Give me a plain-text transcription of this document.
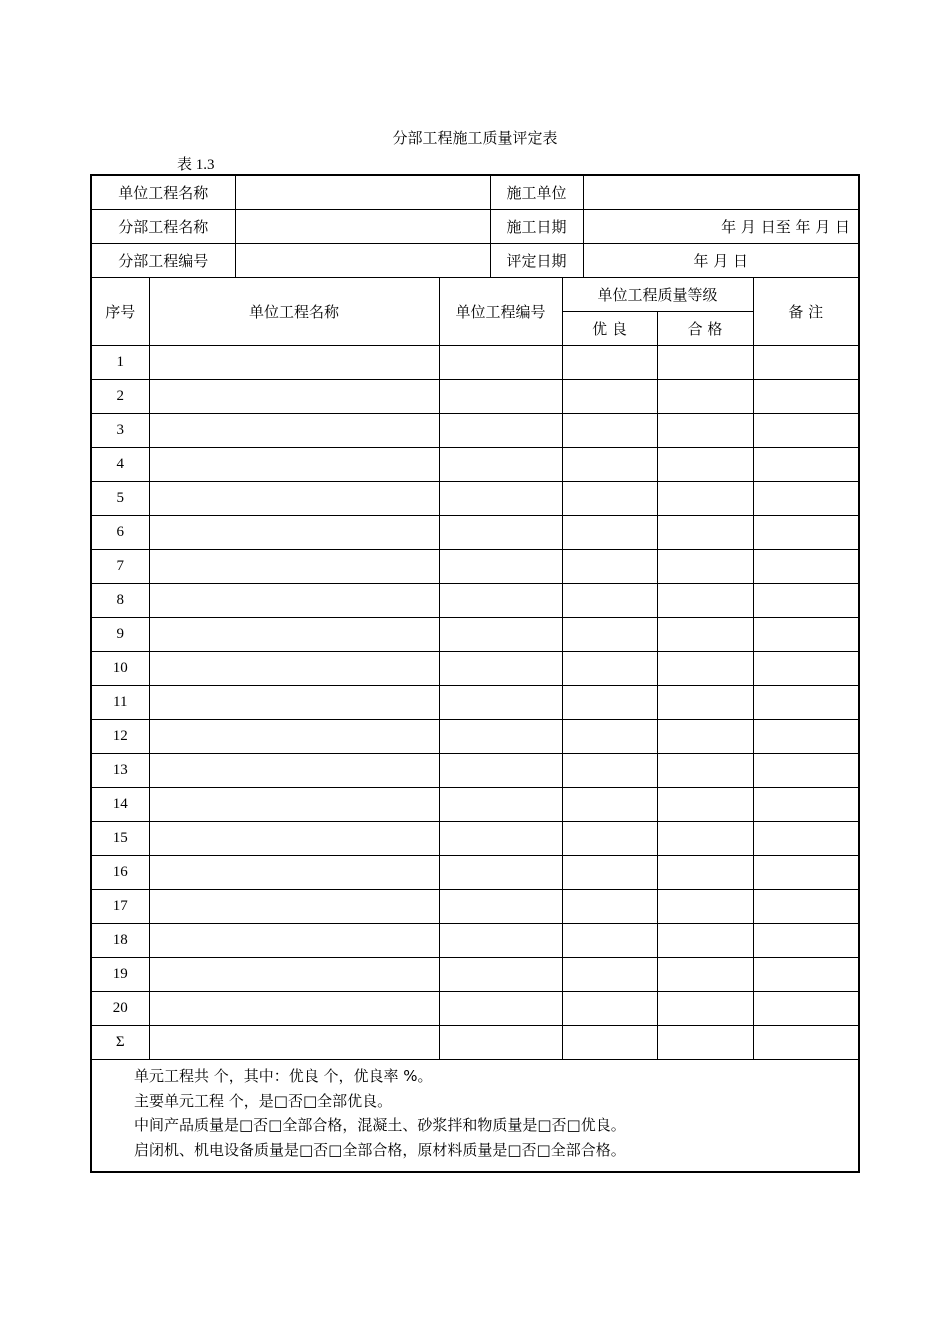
分部工程施工质量评定表
表 1.3
单位工程名称		施工单位	
分部工程名称		施工日期	年 月 日至 年 月 日
分部工程编号		评定日期	年 月 日
序号	单位工程名称	单位工程编号	单位工程质量等级		备 注
			优 良	合 格	
1					
2					
3					
4					
5					
6					
7					
8					
9					
10					
11					
12					
13					
14					
15					
16					
17					
18					
19					
20					
Σ					
单元工程共 个，其中：优良 个，优良率 %。
主要单元工程 个，是□否□全部优良。
中间产品质量是□否□全部合格，混凝土、砂浆拌和物质量是□否□优良。
启闭机、机电设备质量是□否□全部合格，原材料质量是□否□全部合格。
